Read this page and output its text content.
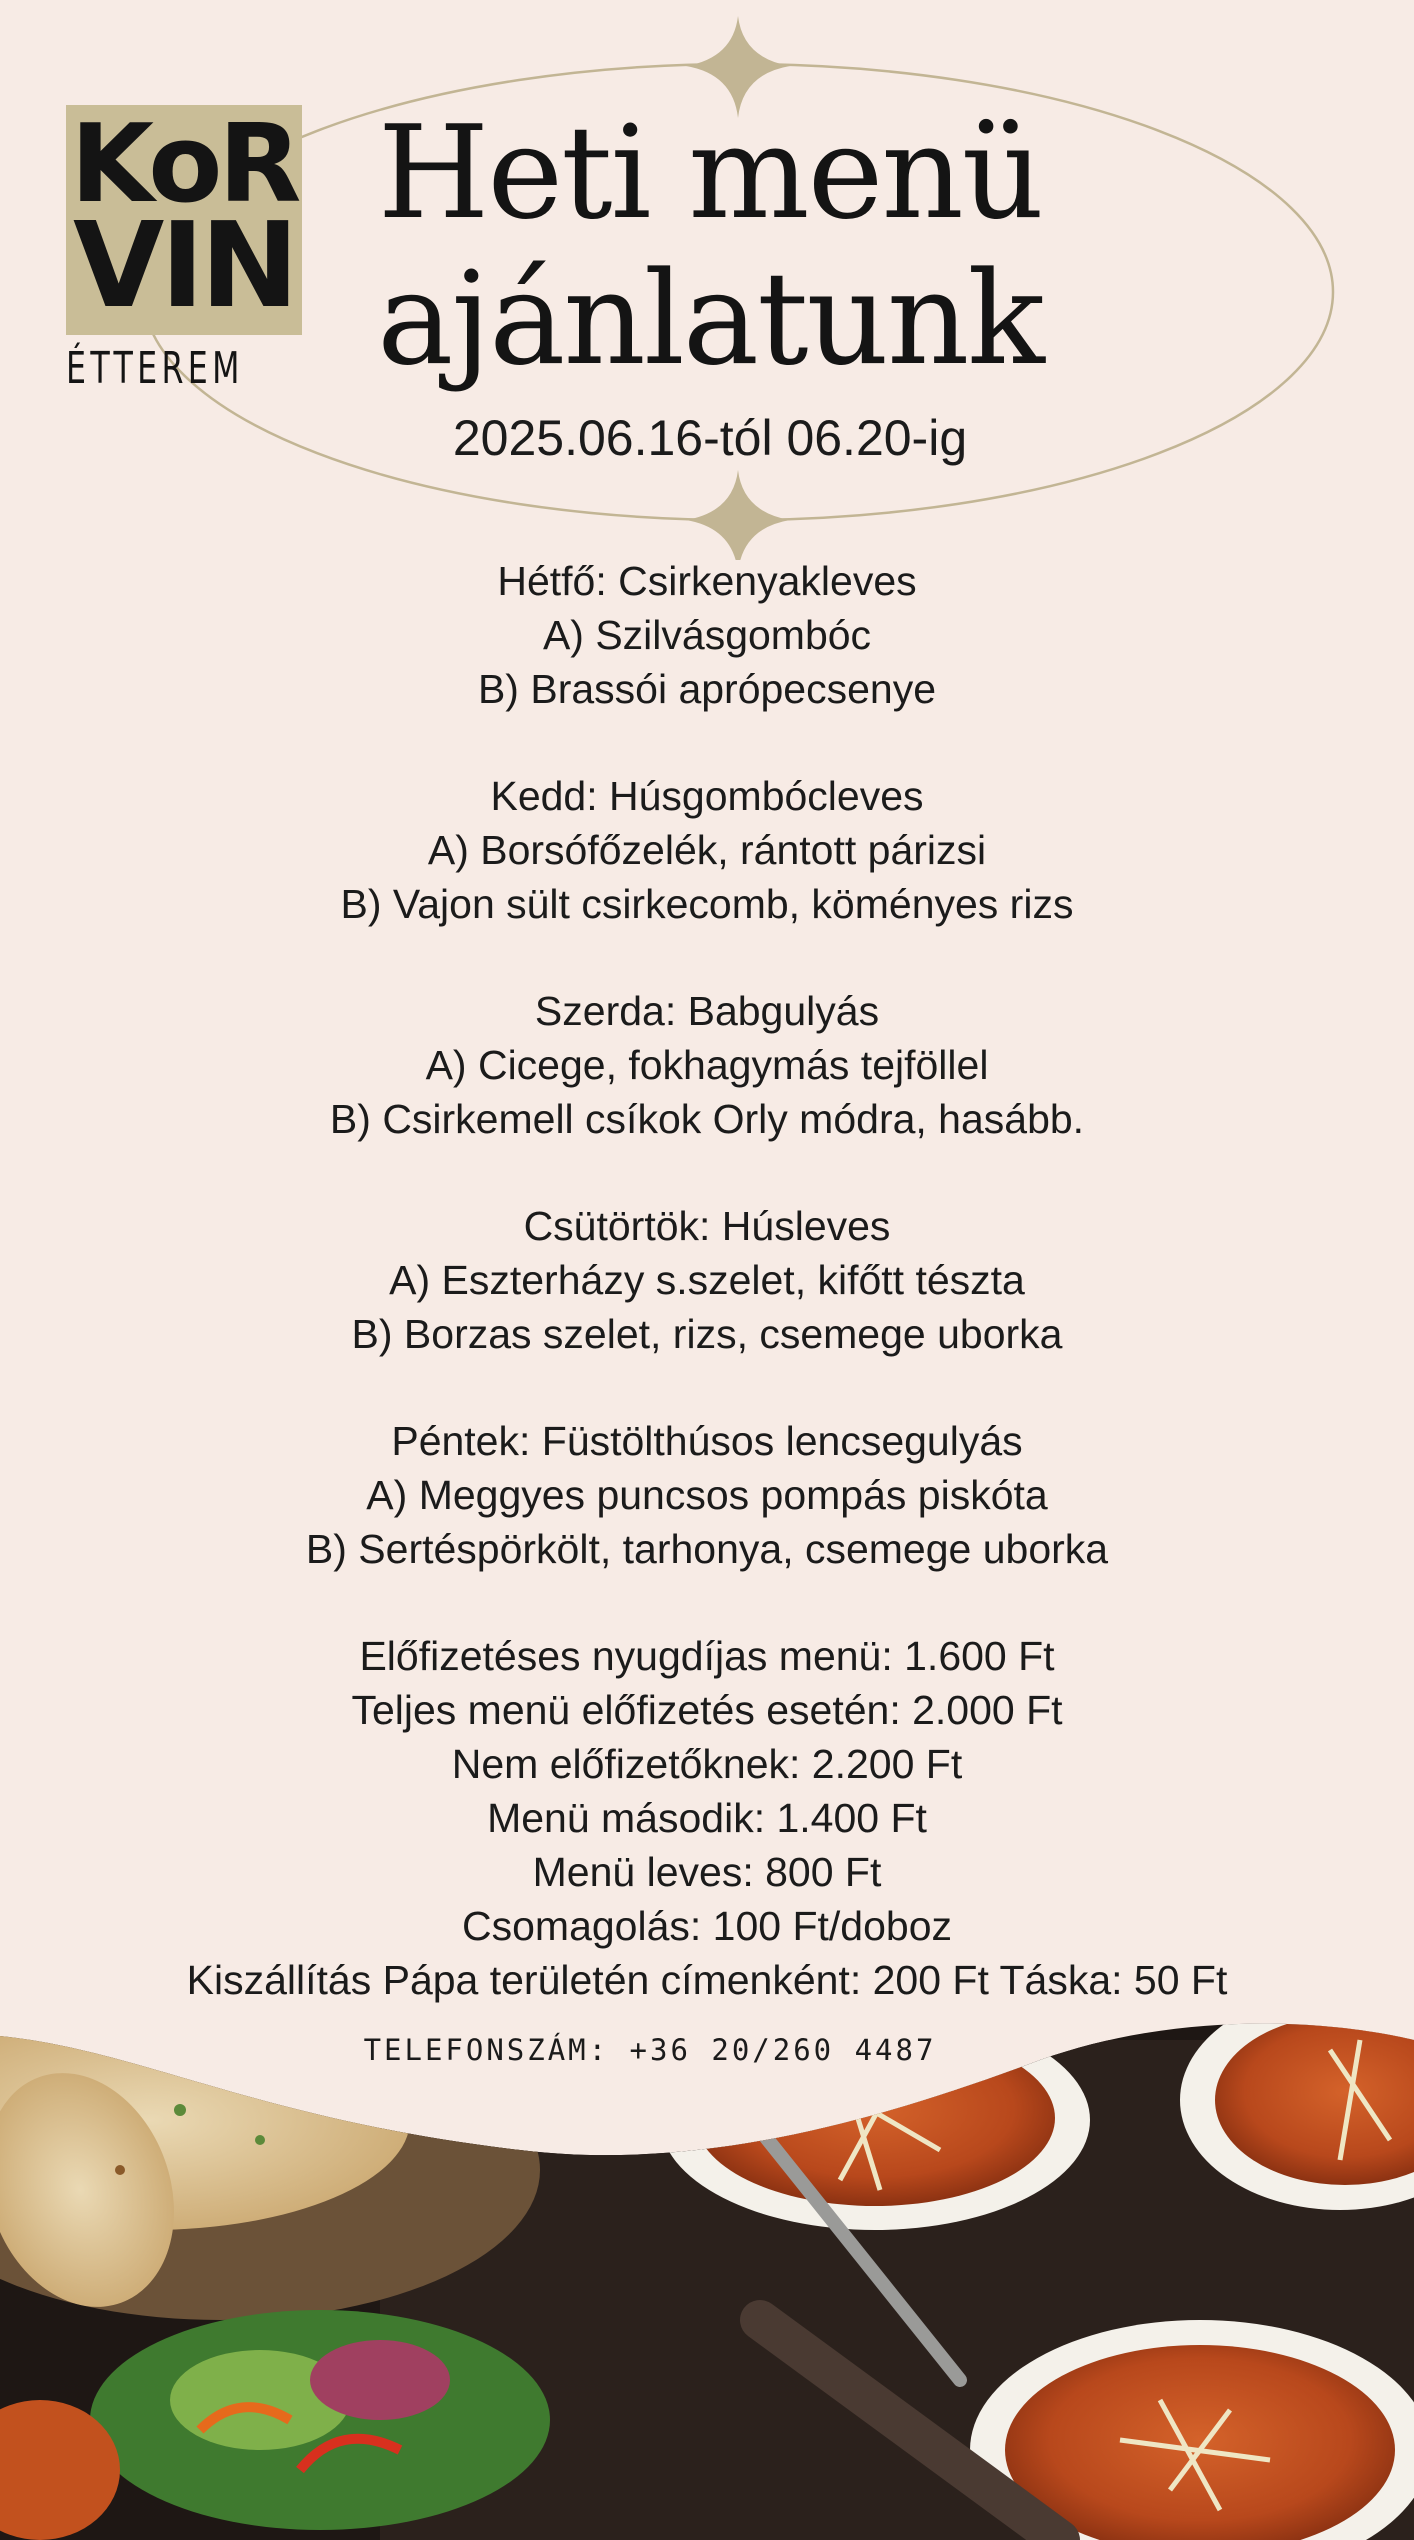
KoR
VIN
ÉTTEREM
Heti menü
ajánlatunk
2025.06.16-tól 06.20-ig
Hétfő: Csirkenyakleves
A) Szilvásgombóc
B) Brassói aprópecsenye
Kedd: Húsgombócleves
A) Borsófőzelék, rántott párizsi
B) Vajon sült csirkecomb, köményes rizs
Szerda: Babgulyás
A) Cicege, fokhagymás tejföllel
B) Csirkemell csíkok Orly módra, hasább.
Csütörtök: Húsleves
A) Eszterházy s.szelet, kifőtt tészta
B) Borzas szelet, rizs, csemege uborka
Péntek: Füstölthúsos lencsegulyás
A) Meggyes puncsos pompás piskóta
B) Sertéspörkölt, tarhonya, csemege uborka
Előfizetéses nyugdíjas menü: 1.600 Ft
Teljes menü előfizetés esetén: 2.000 Ft
Nem előfizetőknek: 2.200 Ft
Menü második: 1.400 Ft
Menü leves: 800 Ft
Csomagolás: 100 Ft/doboz
Kiszállítás Pápa területén címenként: 200 Ft Táska: 50 Ft
TELEFONSZÁM: +36 20/260 4487
